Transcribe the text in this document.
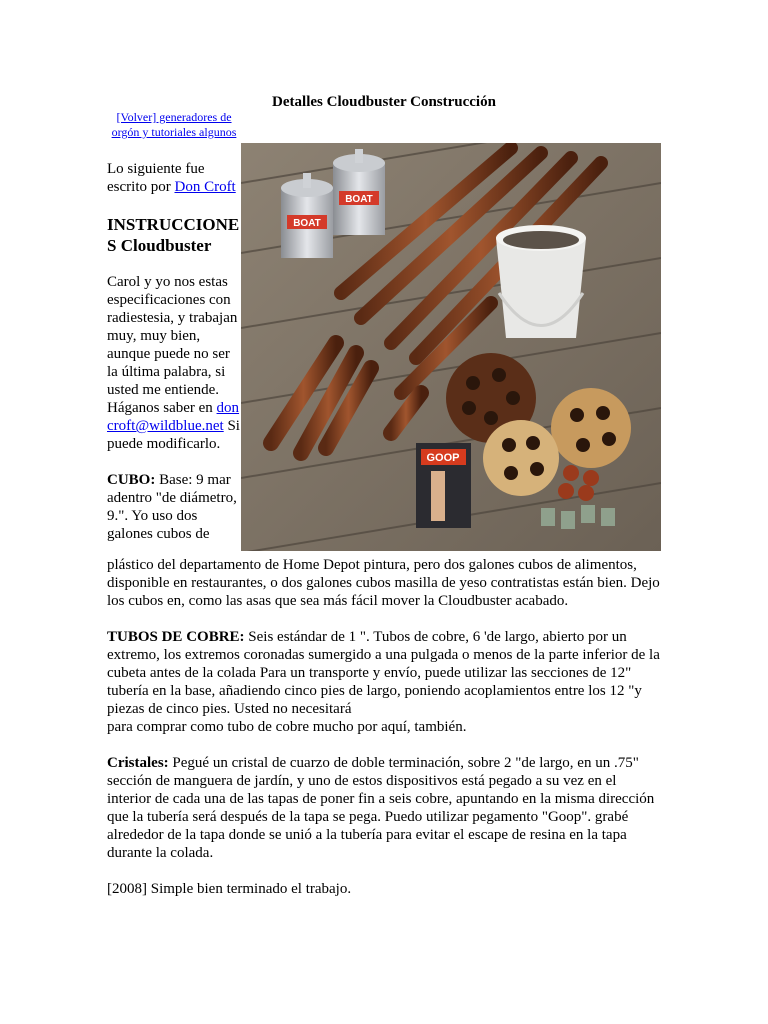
Detalles Cloudbuster Construcción
[Volver] generadores de orgón y tutoriales algunos

Lo siguiente fue escrito por Don Croft

INSTRUCCIONES Cloudbuster

Carol y yo nos estas especificaciones con radiestesia, y trabajan muy, muy bien, aunque puede no ser la última palabra, si usted me entiende. Háganos saber en doncroft@wildblue.net Si puede modificarlo.

CUBO: Base: 9 mar adentro "de diámetro, 9.". Yo uso dos galones cubos de

BOAT
BOAT
GOOP

plástico del departamento de Home Depot pintura, pero dos galones cubos de alimentos, disponible en restaurantes, o dos galones cubos masilla de yeso contratistas están bien. Dejo los cubos en, como las asas que sea más fácil mover la Cloudbuster acabado.

TUBOS DE COBRE: Seis estándar de 1 ". Tubos de cobre, 6 'de largo, abierto por un extremo, los extremos coronadas sumergido a una pulgada o menos de la parte inferior de la cubeta antes de la colada Para un transporte y envío, puede utilizar las secciones de 12" tubería en la base, añadiendo cinco pies de largo, poniendo acoplamientos entre los 12 "y piezas de cinco pies. Usted no necesitará
para comprar como tubo de cobre mucho por aquí, también.

Cristales: Pegué un cristal de cuarzo de doble terminación, sobre 2 "de largo, en un .75" sección de manguera de jardín, y uno de estos dispositivos está pegado a su vez en el interior de cada una de las tapas de poner fin a seis cobre, apuntando en la misma dirección que la tubería será después de la tapa se pega. Puedo utilizar pegamento "Goop". grabé alrededor de la tapa donde se unió a la tubería para evitar el escape de resina en la tapa durante la colada.

[2008] Simple bien terminado el trabajo.
